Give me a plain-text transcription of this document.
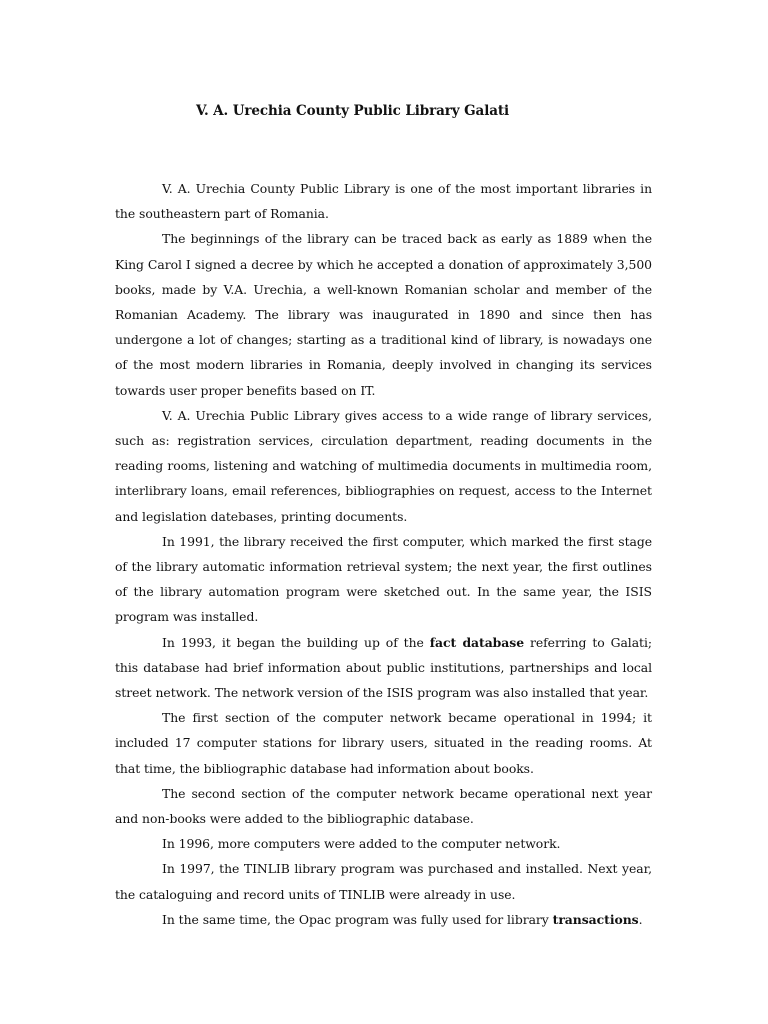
V. A. Urechia County Public Library Galati

V. A. Urechia County Public Library is one of the most important libraries in the southeastern part of Romania.

The beginnings of the library can be traced back as early as 1889 when the King Carol I signed a decree by which he accepted a donation of approximately 3,500 books, made by V.A. Urechia, a well-known Romanian scholar and member of the Romanian Academy. The library was inaugurated in 1890 and since then has undergone a lot of changes; starting as a traditional kind of library, is nowadays one of the most modern libraries in Romania, deeply involved in changing its services towards user proper benefits based on IT.

V. A. Urechia Public Library gives access to a wide range of library services, such as: registration services, circulation department, reading documents in the reading rooms, listening and watching of multimedia documents in multimedia room, interlibrary loans, email references, bibliographies on request, access to the Internet and legislation datebases, printing documents.

In 1991, the library received the first computer, which marked the first stage of the library automatic information retrieval system; the next year, the first outlines of the library automation program were sketched out. In the same year, the ISIS program was installed.

In 1993, it began the building up of the fact database referring to Galati; this database had brief information about public institutions, partnerships and local street network. The network version of the ISIS program was also installed that year.

The first section of the computer network became operational in 1994; it included 17 computer stations for library users, situated in the reading rooms. At that time, the bibliographic database had information about books.

The second section of the computer network became operational next year and non-books were added to the bibliographic database.

In 1996, more computers were added to the computer network.

In 1997, the TINLIB library program was purchased and installed. Next year, the cataloguing and record units of TINLIB were already in use.

In the same time, the Opac program was fully used for library transactions.
